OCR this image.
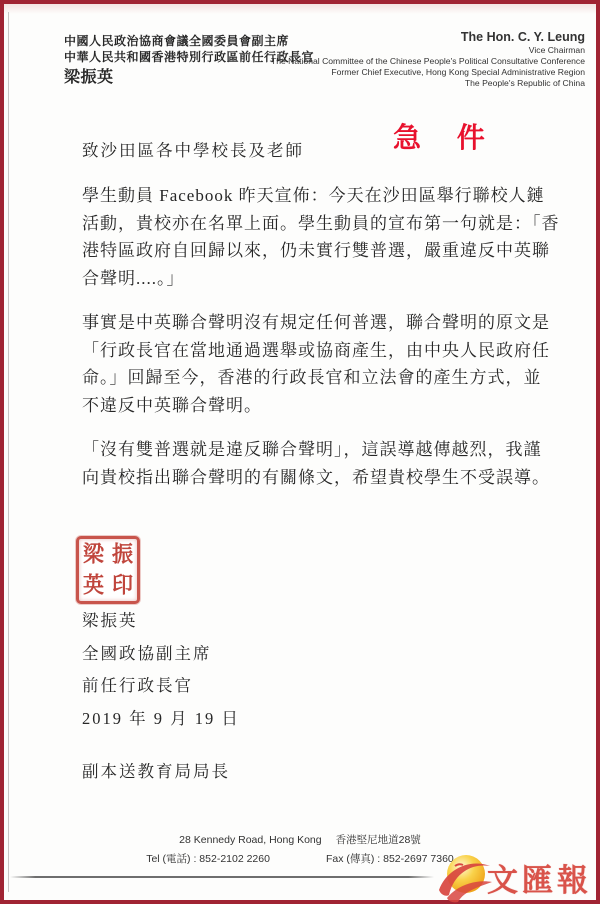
中國人民政治協商會議全國委員會副主席
中華人民共和國香港特別行政區前任行政長官
梁振英
The Hon. C. Y. Leung
Vice Chairman
The National Committee of the Chinese People's Political Consultative Conference
Former Chief Executive, Hong Kong Special Administrative Region
The People's Republic of China
急 件
致沙田區各中學校長及老師
學生動員 Facebook 昨天宣佈：今天在沙田區舉行聯校人鏈
活動，貴校亦在名單上面。學生動員的宣布第一句就是：「香
港特區政府自回歸以來，仍未實行雙普選，嚴重違反中英聯
合聲明....。」
事實是中英聯合聲明沒有規定任何普選，聯合聲明的原文是
「行政長官在當地通過選舉或協商產生，由中央人民政府任
命。」回歸至今，香港的行政長官和立法會的產生方式，並
不違反中英聯合聲明。
「沒有雙普選就是違反聯合聲明」，這誤導越傳越烈，我謹
向貴校指出聯合聲明的有關條文，希望貴校學生不受誤導。
梁 振
英 印
梁振英
全國政協副主席
前任行政長官
2019 年 9 月 19 日
副本送教育局局長
28 Kennedy Road, Hong Kong 香港堅尼地道28號
Tel (電話) : 852-2102 2260	Fax (傳真) : 852-2697 7360
文匯報
